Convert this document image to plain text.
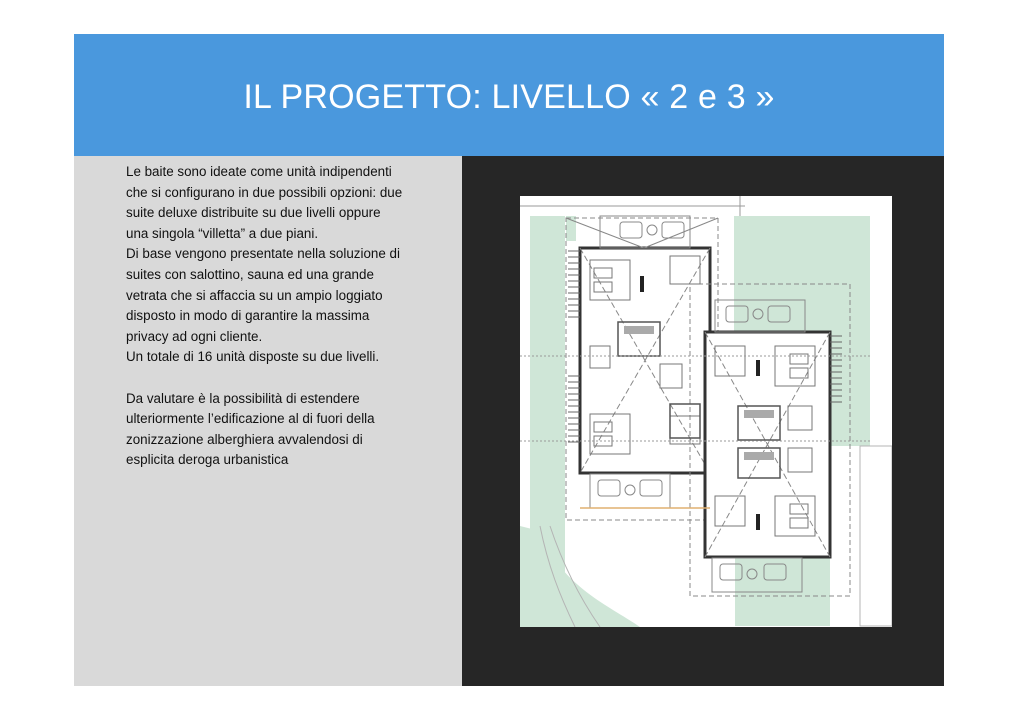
IL PROGETTO: LIVELLO « 2 e 3 »

Le baite sono ideate come unità indipendenti
che si configurano in due possibili opzioni: due
suite deluxe distribuite su due livelli oppure
una singola “villetta” a due piani.
Di base vengono presentate nella soluzione di
suites con salottino, sauna ed una grande
vetrata che si affaccia su un ampio loggiato
disposto in modo di garantire la massima
privacy ad ogni cliente.
Un totale di 16 unità disposte su due livelli.

Da valutare è la possibilità di estendere
ulteriormente l’edificazione al di fuori della
zonizzazione alberghiera avvalendosi di
esplicita deroga urbanistica
